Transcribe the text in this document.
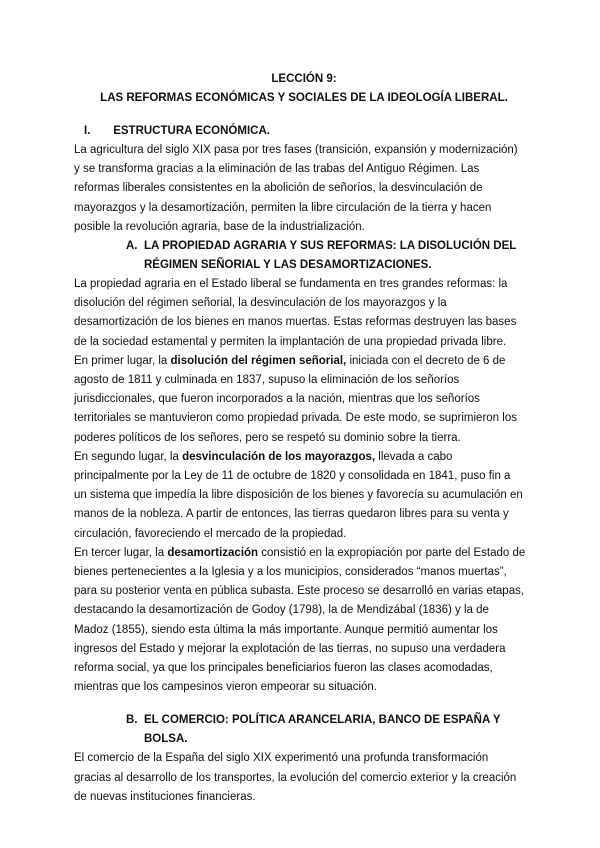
LECCIÓN 9:
LAS REFORMAS ECONÓMICAS Y SOCIALES DE LA IDEOLOGÍA LIBERAL.
I. ESTRUCTURA ECONÓMICA.

La agricultura del siglo XIX pasa por tres fases (transición, expansión y modernización) y se transforma gracias a la eliminación de las trabas del Antiguo Régimen. Las reformas liberales consistentes en la abolición de señoríos, la desvinculación de mayorazgos y la desamortización, permiten la libre circulación de la tierra y hacen posible la revolución agraria, base de la industrialización.

A. LA PROPIEDAD AGRARIA Y SUS REFORMAS: LA DISOLUCIÓN DEL RÉGIMEN SEÑORIAL Y LAS DESAMORTIZACIONES.

La propiedad agraria en el Estado liberal se fundamenta en tres grandes reformas: la disolución del régimen señorial, la desvinculación de los mayorazgos y la desamortización de los bienes en manos muertas. Estas reformas destruyen las bases de la sociedad estamental y permiten la implantación de una propiedad privada libre.

En primer lugar, la disolución del régimen señorial, iniciada con el decreto de 6 de agosto de 1811 y culminada en 1837, supuso la eliminación de los señoríos jurisdiccionales, que fueron incorporados a la nación, mientras que los señoríos territoriales se mantuvieron como propiedad privada. De este modo, se suprimieron los poderes políticos de los señores, pero se respetó su dominio sobre la tierra.

En segundo lugar, la desvinculación de los mayorazgos, llevada a cabo principalmente por la Ley de 11 de octubre de 1820 y consolidada en 1841, puso fin a un sistema que impedía la libre disposición de los bienes y favorecía su acumulación en manos de la nobleza. A partir de entonces, las tierras quedaron libres para su venta y circulación, favoreciendo el mercado de la propiedad.

En tercer lugar, la desamortización consistió en la expropiación por parte del Estado de bienes pertenecientes a la Iglesia y a los municipios, considerados “manos muertas”, para su posterior venta en pública subasta. Este proceso se desarrolló en varias etapas, destacando la desamortización de Godoy (1798), la de Mendizábal (1836) y la de Madoz (1855), siendo esta última la más importante. Aunque permitió aumentar los ingresos del Estado y mejorar la explotación de las tierras, no supuso una verdadera reforma social, ya que los principales beneficiarios fueron las clases acomodadas, mientras que los campesinos vieron empeorar su situación.

B. EL COMERCIO: POLÍTICA ARANCELARIA, BANCO DE ESPAÑA Y BOLSA.

El comercio de la España del siglo XIX experimentó una profunda transformación gracias al desarrollo de los transportes, la evolución del comercio exterior y la creación de nuevas instituciones financieras.
